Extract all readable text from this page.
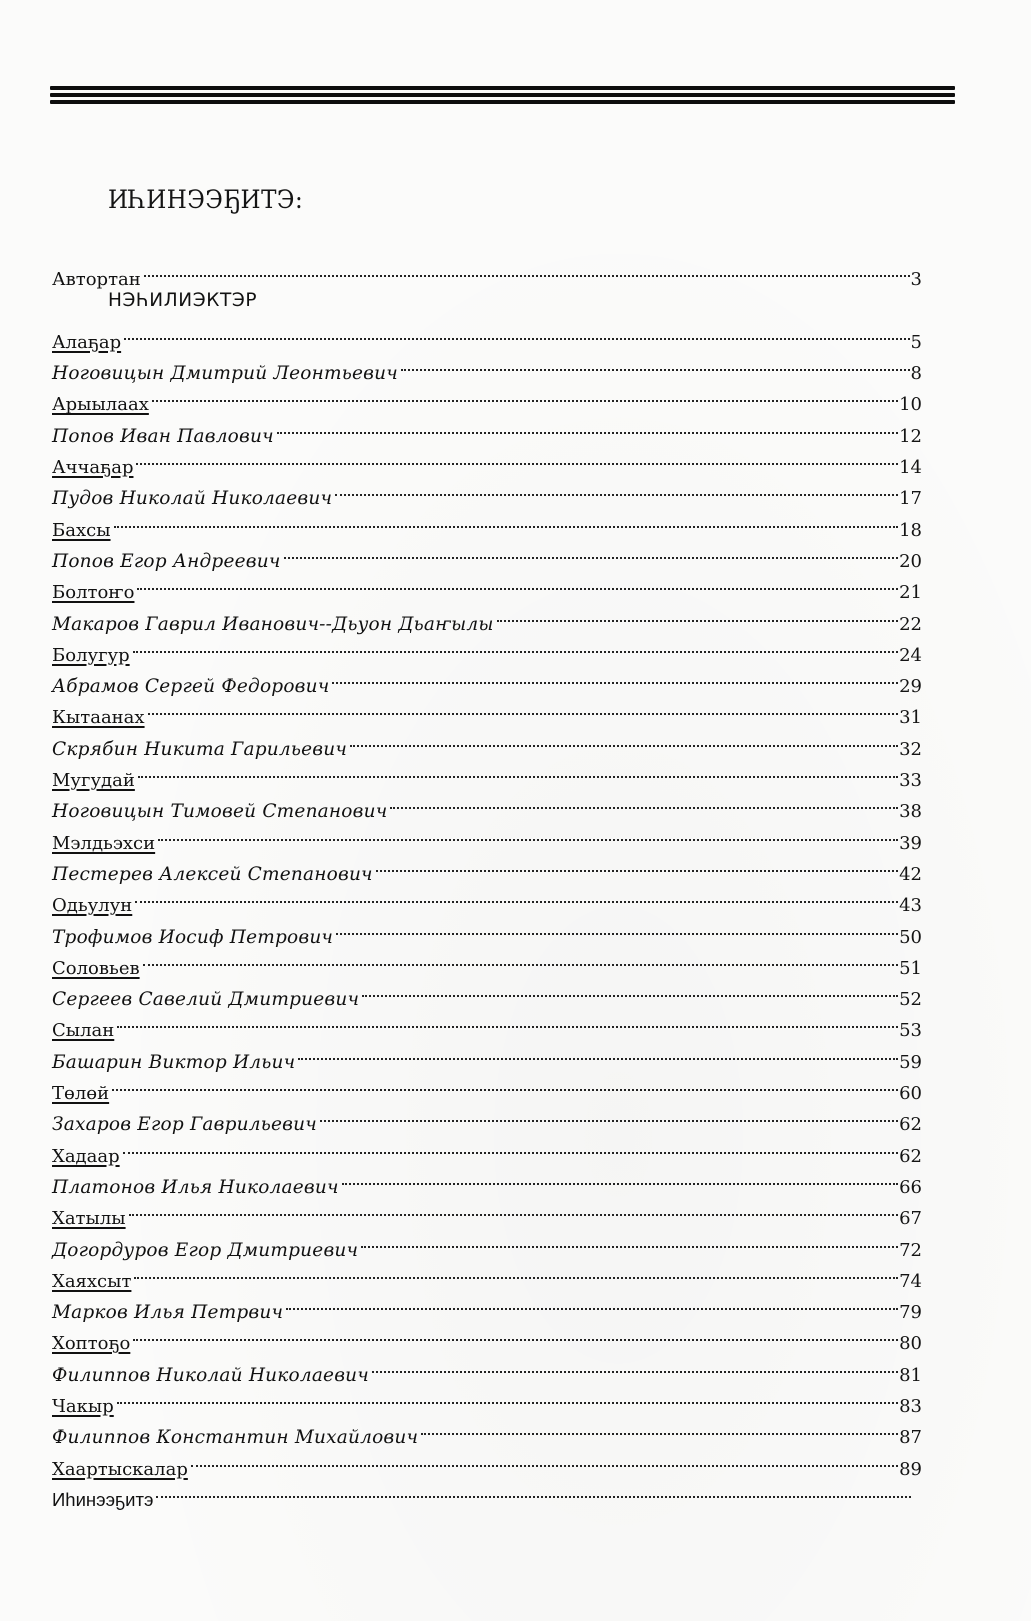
ИҺИНЭЭҔИТЭ:
Автортан	3
НЭҺИЛИЭКТЭР
Алаҕар	5
Ноговицын Дмитрий Леонтьевич	8
Арыылаах	10
Попов Иван Павлович	12
Аччаҕар	14
Пудов Николай Николаевич	17
Бахсы	18
Попов Егор Андреевич	20
Болтоҥо	21
Макаров Гаврил Иванович--Дьуон Дьаҥылы	22
Болугур	24
Абрамов Сергей Федорович	29
Кытаанах	31
Скрябин Никита Гарильевич	32
Мугудай	33
Ноговицын Тимовей Степанович	38
Мэлдьэхси	39
Пестерев Алексей Степанович	42
Одьулун	43
Трофимов Иосиф Петрович	50
Соловьев	51
Сергеев Савелий Дмитриевич	52
Сылан	53
Башарин Виктор Ильич	59
Төлөй	60
Захаров Егор Гаврильевич	62
Хадаар	62
Платонов Илья Николаевич	66
Хатылы	67
Догордуров Егор Дмитриевич	72
Хаяхсыт	74
Марков Илья Петрвич	79
Хоптоҕо	80
Филиппов Николай Николаевич	81
Чакыр	83
Филиппов Константин Михайлович	87
Хаартыскалар	89
Иһинээҕитэ
